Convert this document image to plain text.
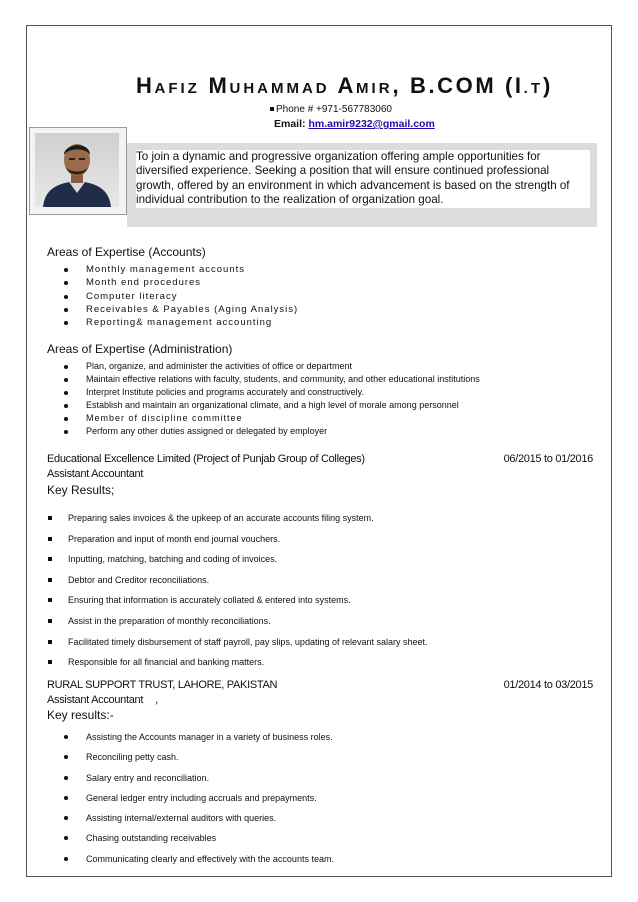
HAFIZ MUHAMMAD AMIR, B.COM (I.T)
Phone # +971-567783060
Email: hm.amir9232@gmail.com
To join a dynamic and progressive organization offering ample opportunities for diversified experience. Seeking a position that will ensure continued professional growth, offered by an environment in which advancement is based on the strength of individual contribution to the realization of organization goal.
Areas of Expertise (Accounts)
Monthly management accounts
Month end procedures
Computer literacy
Receivables & Payables (Aging Analysis)
Reporting& management accounting
Areas of Expertise (Administration)
Plan, organize, and administer the activities of office or department
Maintain effective relations with faculty, students, and community, and other educational institutions
Interpret Institute policies and programs accurately and constructively.
Establish and maintain an organizational climate, and a high level of morale among personnel
Member of discipline committee
Perform any other duties assigned or delegated by employer
Educational Excellence Limited (Project of Punjab Group of Colleges)	06/2015 to 01/2016
Assistant Accountant
Key Results;
Preparing sales invoices & the upkeep of an accurate accounts filing system.
Preparation and input of month end journal vouchers.
Inputting, matching, batching and coding of invoices.
Debtor and Creditor reconciliations.
Ensuring that information is accurately collated & entered into systems.
Assist in the preparation of monthly reconciliations.
Facilitated timely disbursement of staff payroll, pay slips, updating of relevant salary sheet.
Responsible for all financial and banking matters.
RURAL SUPPORT TRUST, LAHORE, PAKISTAN	01/2014 to 03/2015
Assistant Accountant ,
Key results:-
Assisting the Accounts manager in a variety of business roles.
Reconciling petty cash.
Salary entry and reconciliation.
General ledger entry including accruals and prepayments.
Assisting internal/external auditors with queries.
Chasing outstanding receivables
Communicating clearly and effectively with the accounts team.
